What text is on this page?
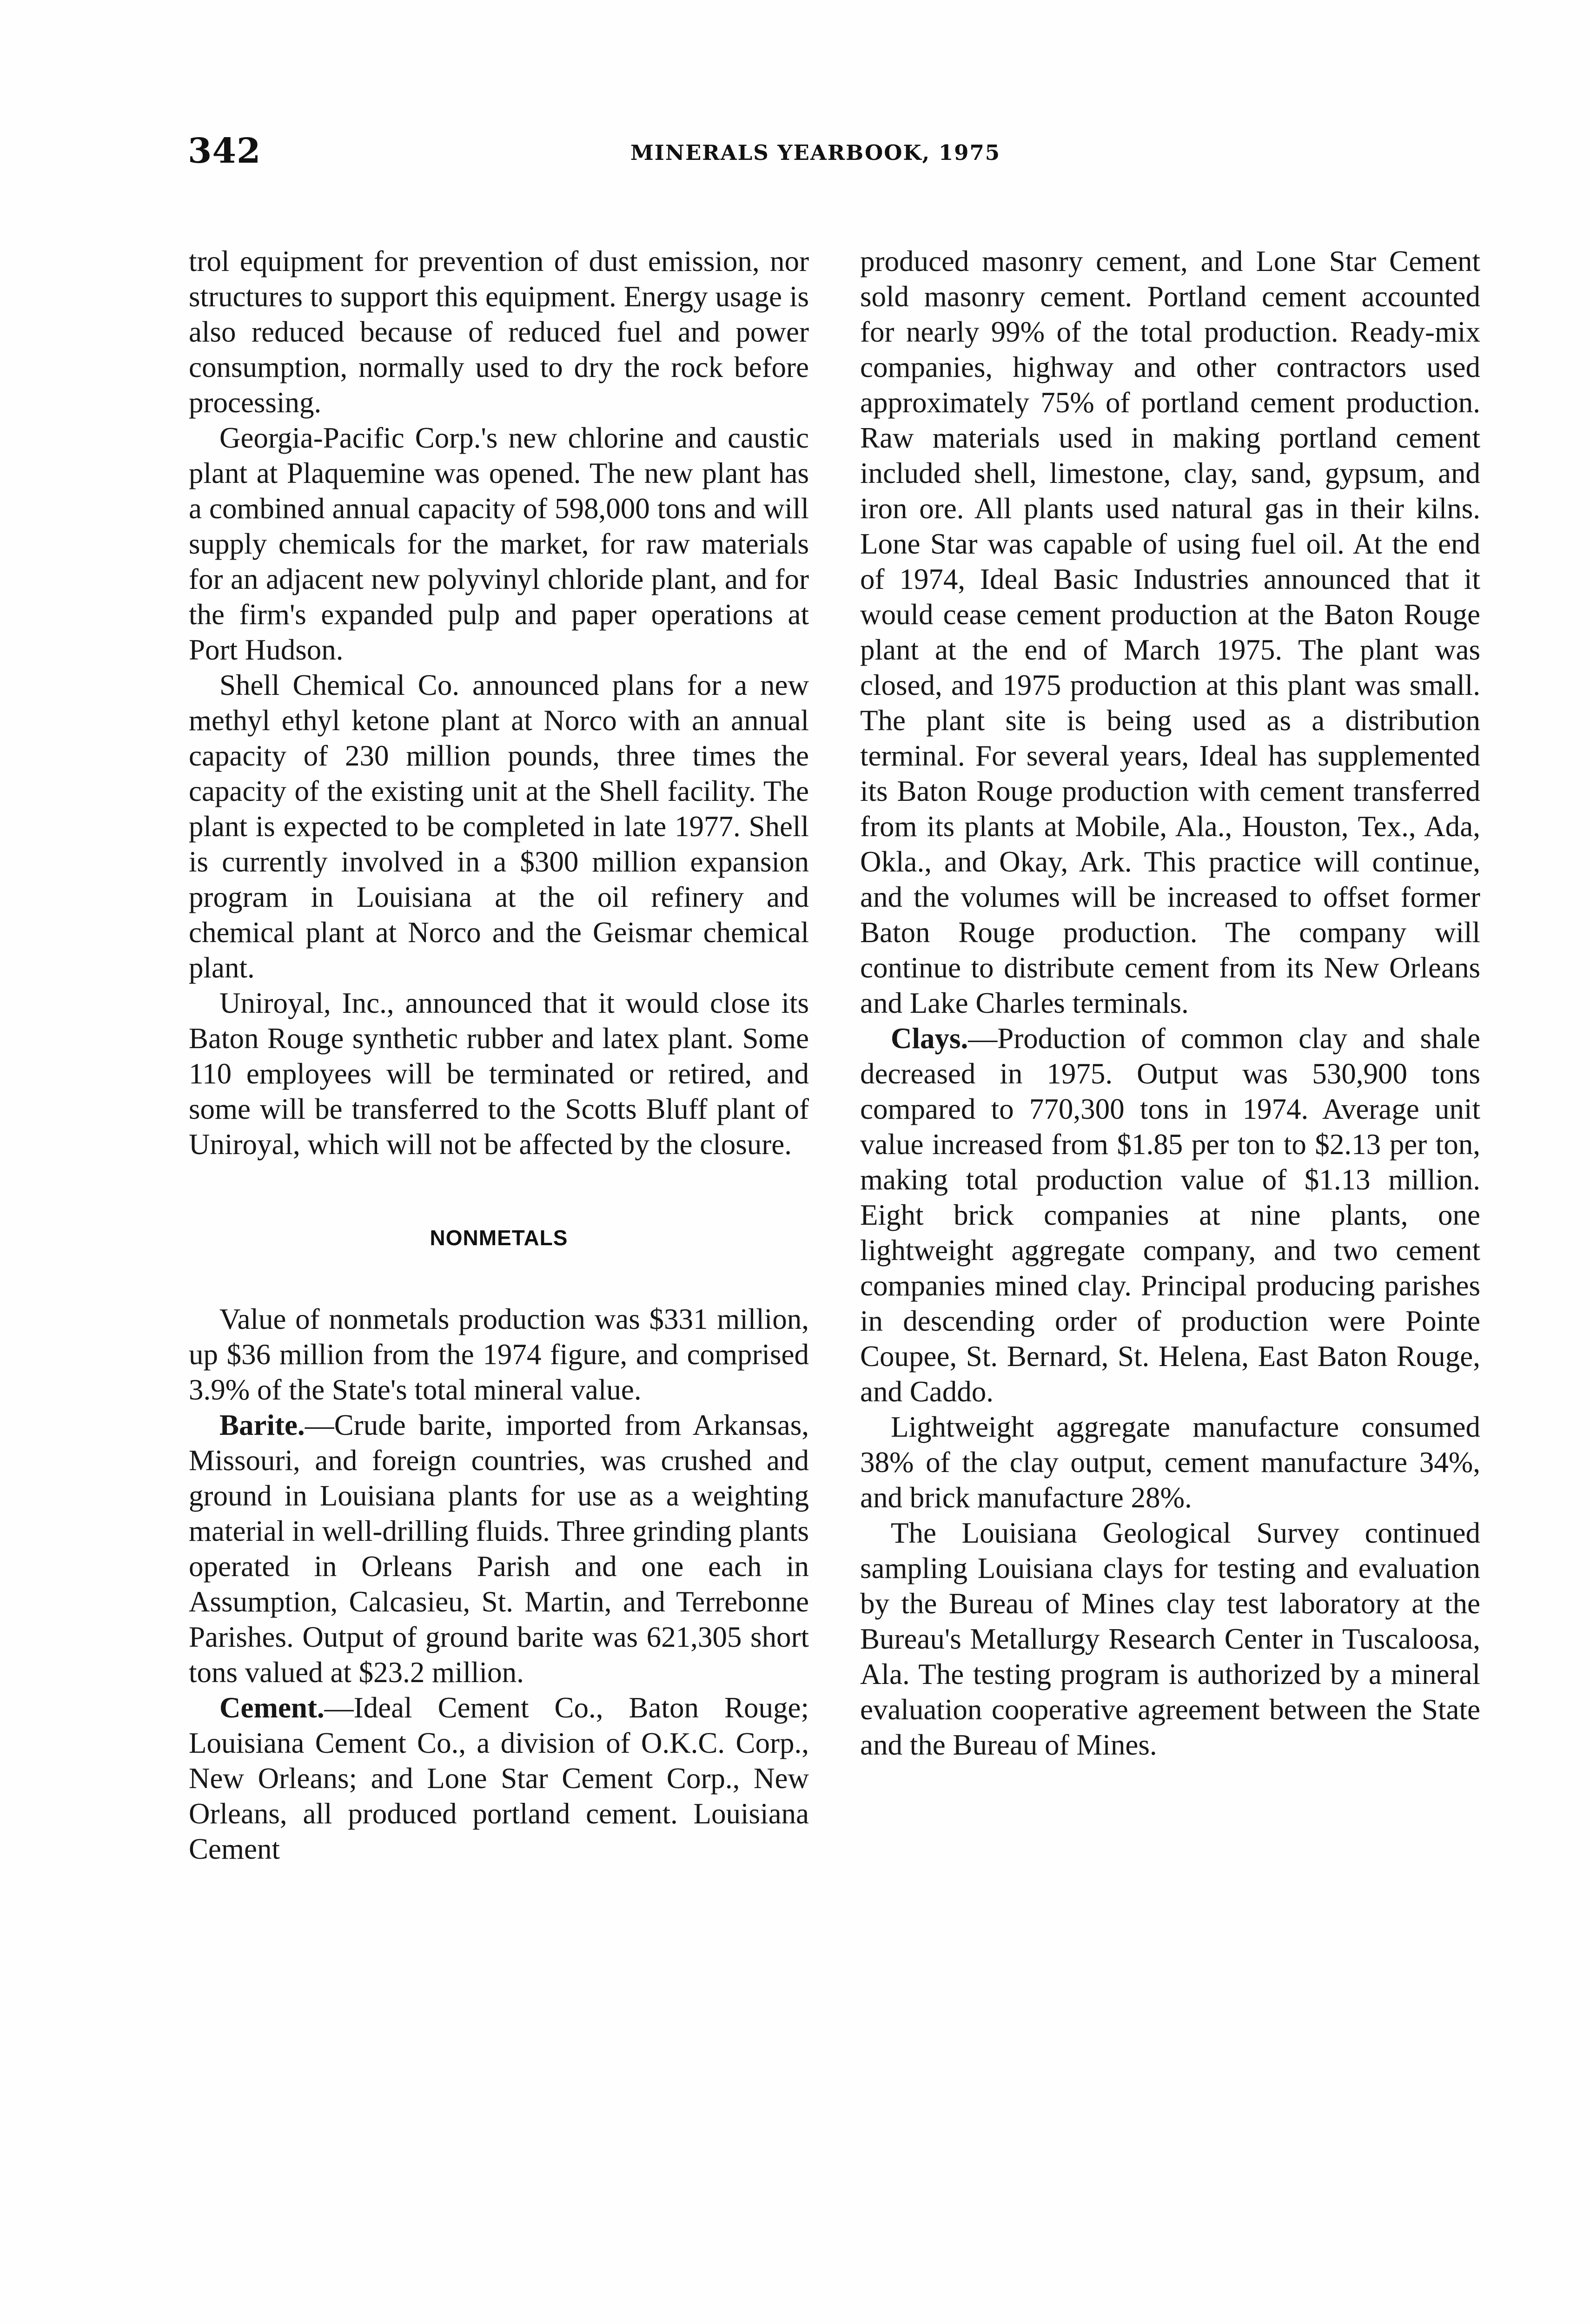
342	MINERALS YEARBOOK, 1975

trol equipment for prevention of dust emission, nor structures to support this equipment. Energy usage is also reduced because of reduced fuel and power consumption, normally used to dry the rock before processing.

Georgia-Pacific Corp.'s new chlorine and caustic plant at Plaquemine was opened. The new plant has a combined annual capacity of 598,000 tons and will supply chemicals for the market, for raw materials for an adjacent new polyvinyl chloride plant, and for the firm's expanded pulp and paper operations at Port Hudson.

Shell Chemical Co. announced plans for a new methyl ethyl ketone plant at Norco with an annual capacity of 230 million pounds, three times the capacity of the existing unit at the Shell facility. The plant is expected to be completed in late 1977. Shell is currently involved in a $300 million expansion program in Louisiana at the oil refinery and chemical plant at Norco and the Geismar chemical plant.

Uniroyal, Inc., announced that it would close its Baton Rouge synthetic rubber and latex plant. Some 110 employees will be terminated or retired, and some will be transferred to the Scotts Bluff plant of Uniroyal, which will not be affected by the closure.

NONMETALS

Value of nonmetals production was $331 million, up $36 million from the 1974 figure, and comprised 3.9% of the State's total mineral value.

Barite.—Crude barite, imported from Arkansas, Missouri, and foreign countries, was crushed and ground in Louisiana plants for use as a weighting material in well-drilling fluids. Three grinding plants operated in Orleans Parish and one each in Assumption, Calcasieu, St. Martin, and Terrebonne Parishes. Output of ground barite was 621,305 short tons valued at $23.2 million.

Cement.—Ideal Cement Co., Baton Rouge; Louisiana Cement Co., a division of O.K.C. Corp., New Orleans; and Lone Star Cement Corp., New Orleans, all produced portland cement. Louisiana Cement

produced masonry cement, and Lone Star Cement sold masonry cement. Portland cement accounted for nearly 99% of the total production. Ready-mix companies, highway and other contractors used approximately 75% of portland cement production. Raw materials used in making portland cement included shell, limestone, clay, sand, gypsum, and iron ore. All plants used natural gas in their kilns. Lone Star was capable of using fuel oil. At the end of 1974, Ideal Basic Industries announced that it would cease cement production at the Baton Rouge plant at the end of March 1975. The plant was closed, and 1975 production at this plant was small. The plant site is being used as a distribution terminal. For several years, Ideal has supplemented its Baton Rouge production with cement transferred from its plants at Mobile, Ala., Houston, Tex., Ada, Okla., and Okay, Ark. This practice will continue, and the volumes will be increased to offset former Baton Rouge production. The company will continue to distribute cement from its New Orleans and Lake Charles terminals.

Clays.—Production of common clay and shale decreased in 1975. Output was 530,900 tons compared to 770,300 tons in 1974. Average unit value increased from $1.85 per ton to $2.13 per ton, making total production value of $1.13 million. Eight brick companies at nine plants, one lightweight aggregate company, and two cement companies mined clay. Principal producing parishes in descending order of production were Pointe Coupee, St. Bernard, St. Helena, East Baton Rouge, and Caddo.

Lightweight aggregate manufacture consumed 38% of the clay output, cement manufacture 34%, and brick manufacture 28%.

The Louisiana Geological Survey continued sampling Louisiana clays for testing and evaluation by the Bureau of Mines clay test laboratory at the Bureau's Metallurgy Research Center in Tuscaloosa, Ala. The testing program is authorized by a mineral evaluation cooperative agreement between the State and the Bureau of Mines.
